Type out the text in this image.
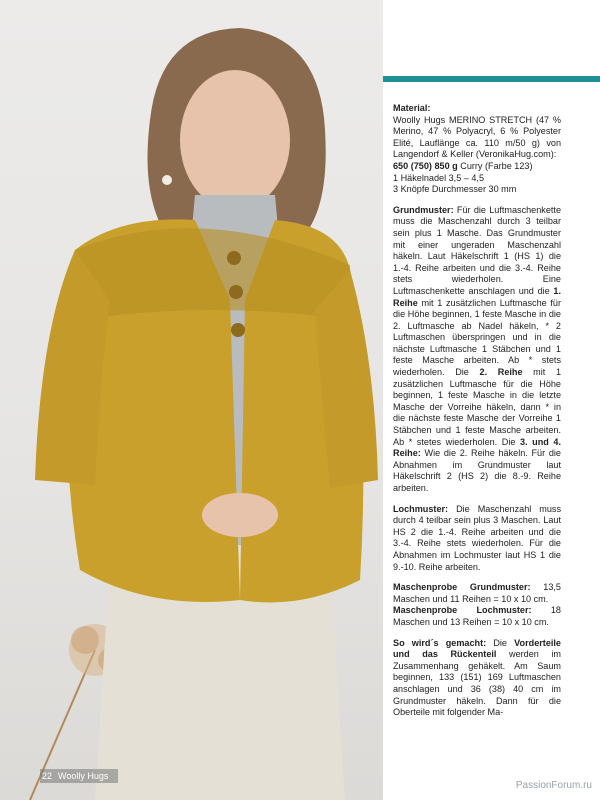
Material:
Woolly Hugs MERINO STRETCH (47 % Merino, 47 % Polyacryl, 6 % Polyester Elité, Lauflänge ca. 110 m/50 g) von Langendorf & Keller (VeronikaHug.com):
650 (750) 850 g Curry (Farbe 123)

1 Häkelnadel 3,5 – 4,5
3 Knöpfe Durchmesser 30 mm

Grundmuster: Für die Luftmaschenkette muss die Maschenzahl durch 3 teilbar sein plus 1 Masche. Das Grundmuster mit einer ungeraden Maschenzahl häkeln. Laut Häkelschrift 1 (HS 1) die 1.-4. Reihe arbeiten und die 3.-4. Reihe stets wiederholen. Eine Luftmaschenkette anschlagen und die 1. Reihe mit 1 zusätzlichen Luftmasche für die Höhe beginnen, 1 feste Masche in die 2. Luftmasche ab Nadel häkeln, * 2 Luftmaschen überspringen und in die nächste Luftmasche 1 Stäbchen und 1 feste Masche arbeiten. Ab * stets wiederholen. Die 2. Reihe mit 1 zusätzlichen Luftmasche für die Höhe beginnen, 1 feste Masche in die letzte Masche der Vorreihe häkeln, dann * in die nächste feste Masche der Vorreihe 1 Stäbchen und 1 feste Masche arbeiten. Ab * stetes wiederholen. Die 3. und 4. Reihe: Wie die 2. Reihe häkeln. Für die Abnahmen im Grundmuster laut Häkelschrift 2 (HS 2) die 8.-9. Reihe arbeiten.

Lochmuster: Die Maschenzahl muss durch 4 teilbar sein plus 3 Maschen. Laut HS 2 die 1.-4. Reihe arbeiten und die 3.-4. Reihe stets wiederholen. Für die Abnahmen im Lochmuster laut HS 1 die 9.-10. Reihe arbeiten.

Maschenprobe Grundmuster: 13,5 Maschen und 11 Reihen = 10 x 10 cm.
Maschenprobe Lochmuster: 18 Maschen und 13 Reihen = 10 x 10 cm.

So wird´s gemacht: Die Vorderteile und das Rückenteil werden im Zusammenhang gehäkelt. Am Saum beginnen, 133 (151) 169 Luftmaschen anschlagen und 36 (38) 40 cm im Grundmuster häkeln. Dann für die Oberteile mit folgender Ma-

22 Woolly Hugs
PassionForum.ru
